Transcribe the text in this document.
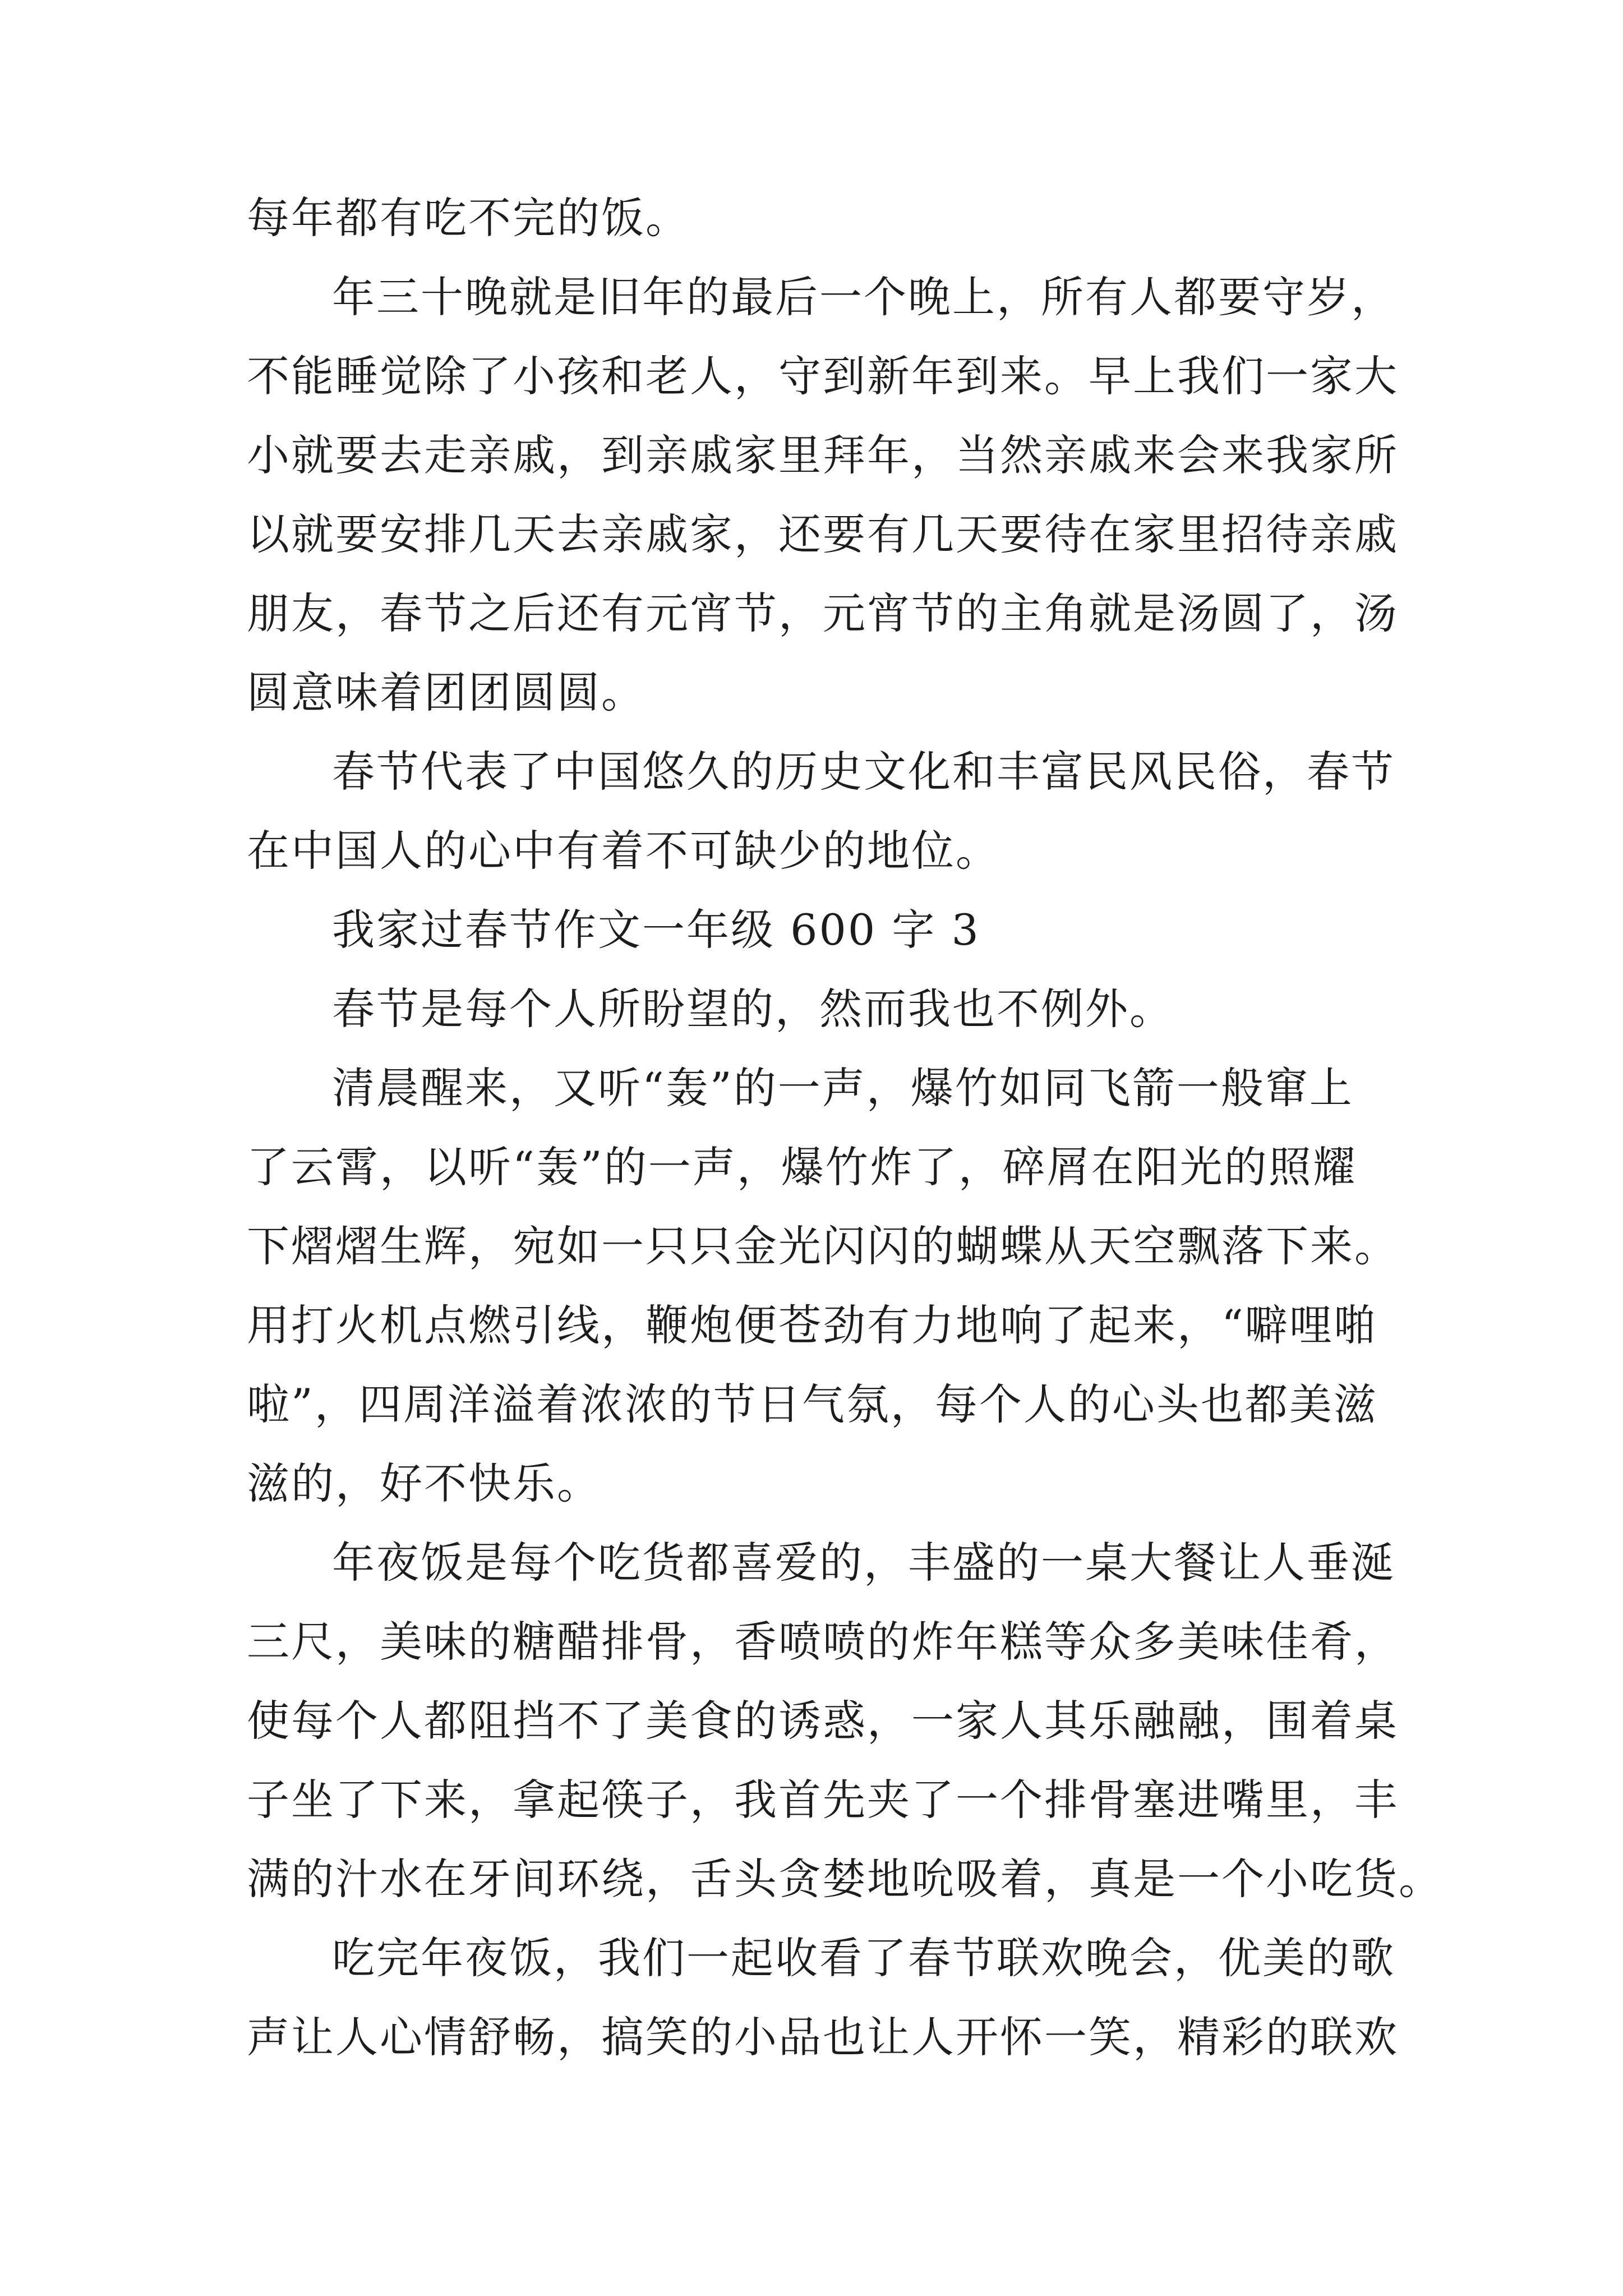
每年都有吃不完的饭。
年三十晚就是旧年的最后一个晚上，所有人都要守岁，
不能睡觉除了小孩和老人，守到新年到来。早上我们一家大
小就要去走亲戚，到亲戚家里拜年，当然亲戚来会来我家所
以就要安排几天去亲戚家，还要有几天要待在家里招待亲戚
朋友，春节之后还有元宵节，元宵节的主角就是汤圆了，汤
圆意味着团团圆圆。
春节代表了中国悠久的历史文化和丰富民风民俗，春节
在中国人的心中有着不可缺少的地位。
我家过春节作文一年级 600 字 3
春节是每个人所盼望的，然而我也不例外。
清晨醒来，又听“轰”的一声，爆竹如同飞箭一般窜上
了云霄，以听“轰”的一声，爆竹炸了，碎屑在阳光的照耀
下熠熠生辉，宛如一只只金光闪闪的蝴蝶从天空飘落下来。
用打火机点燃引线，鞭炮便苍劲有力地响了起来，“噼哩啪
啦”，四周洋溢着浓浓的节日气氛，每个人的心头也都美滋
滋的，好不快乐。
年夜饭是每个吃货都喜爱的，丰盛的一桌大餐让人垂涎
三尺，美味的糖醋排骨，香喷喷的炸年糕等众多美味佳肴，
使每个人都阻挡不了美食的诱惑，一家人其乐融融，围着桌
子坐了下来，拿起筷子，我首先夹了一个排骨塞进嘴里，丰
满的汁水在牙间环绕，舌头贪婪地吮吸着，真是一个小吃货。
吃完年夜饭，我们一起收看了春节联欢晚会，优美的歌
声让人心情舒畅，搞笑的小品也让人开怀一笑，精彩的联欢
